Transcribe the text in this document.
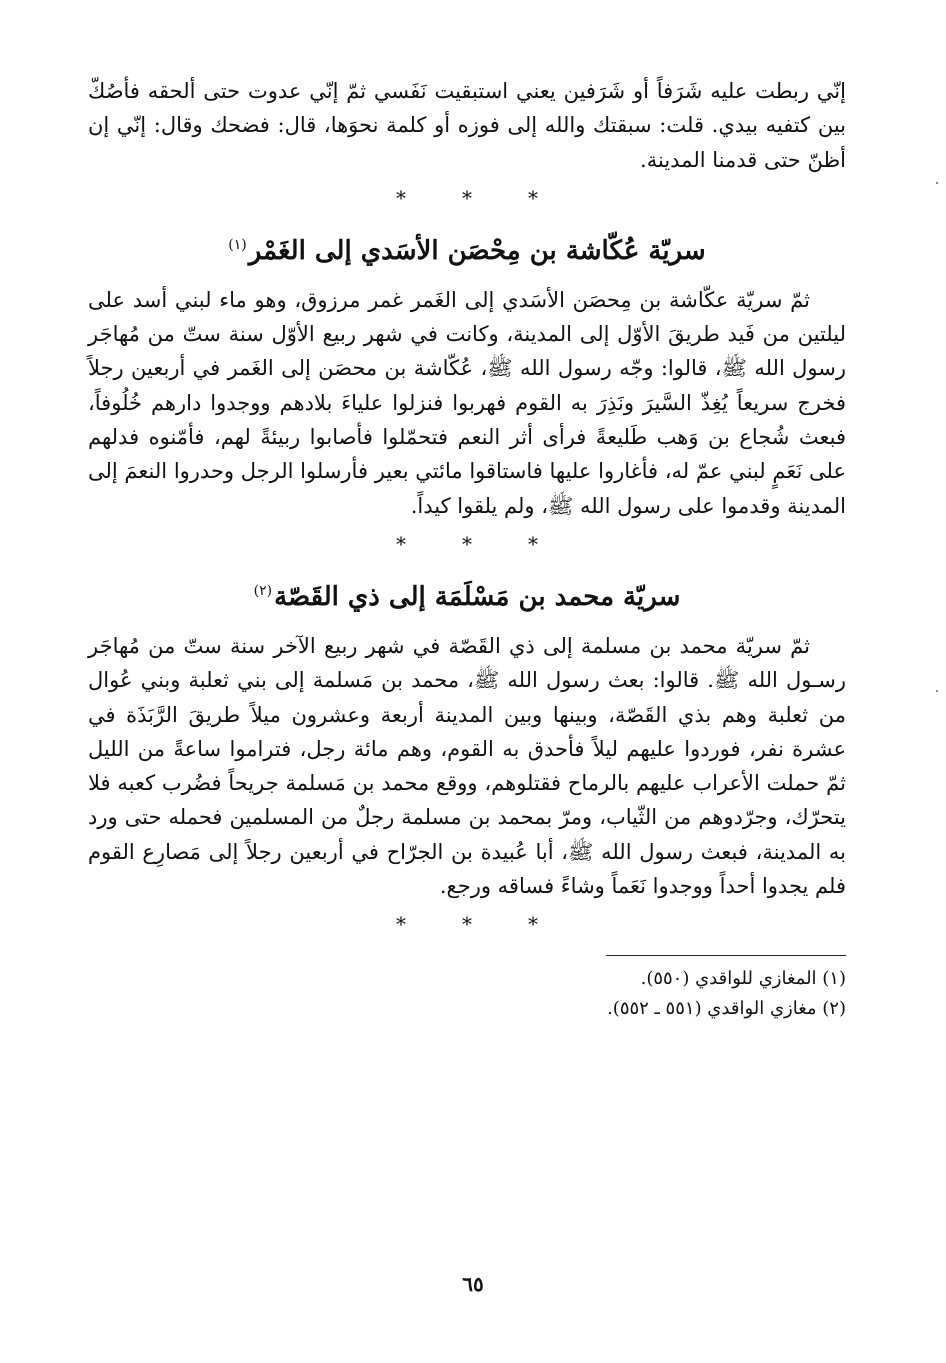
إنّي ربطت عليه شَرَفاً أو شَرَفين يعني استبقيت نَفَسي ثمّ إنّي عدوت حتى ألحقه فأصُكّ بين كتفيه بيدي. قلت: سبقتك والله إلى فوزه أو كلمة نحوَها، قال: فضحك وقال: إنّي إن أظنّ حتى قدمنا المدينة.

*
*
*
سريّة عُكّاشة بن مِحْصَن الأسَدي إلى الغَمْر$^{(١)}$

ثمّ سريّة عكّاشة بن مِحصَن الأسَدي إلى الغَمر غمر مرزوق، وهو ماء لبني أسد على ليلتين من فَيد طريقَ الأوّل إلى المدينة، وكانت في شهر ربيع الأوّل سنة ستّ من مُهاجَر رسول الله ﷺ، قالوا: وجّه رسول الله ﷺ، عُكّاشة بن محصَن إلى الغَمر في أربعين رجلاً فخرج سريعاً يُغِذّ السَّيرَ ونَذِرَ به القوم فهربوا فنزلوا علياءَ بلادهم ووجدوا دارهم خُلُوفاً، فبعث شُجاع بن وَهب طَليعةً فرأى أثر النعم فتحمّلوا فأصابوا ربيئةً لهم، فأمّنوه فدلهم على نَعَمٍ لبني عمّ له، فأغاروا عليها فاستاقوا مائتي بعير فأرسلوا الرجل وحدروا النعمَ إلى المدينة وقدموا على رسول الله ﷺ، ولم يلقوا كيداً.

*
*
*
سريّة محمد بن مَسْلَمَة إلى ذي القَصّة$^{(٢)}$

ثمّ سريّة محمد بن مسلمة إلى ذي القَصّة في شهر ربيع الآخر سنة ستّ من مُهاجَر رسـول الله ﷺ. قالوا: بعث رسول الله ﷺ، محمد بن مَسلمة إلى بني ثعلبة وبني عُوال من ثعلبة وهم بذي القَصّة، وبينها وبين المدينة أربعة وعشرون ميلاً طريقَ الرَّبَذَة في عشرة نفر، فوردوا عليهم ليلاً فأحدق به القوم، وهم مائة رجل، فتراموا ساعةً من الليل ثمّ حملت الأعراب عليهم بالرماح فقتلوهم، ووقع محمد بن مَسلمة جريحاً فضُرب كعبه فلا يتحرّك، وجرّدوهم من الثّياب، ومرّ بمحمد بن مسلمة رجلٌ من المسلمين فحمله حتى ورد به المدينة، فبعث رسول الله ﷺ، أبا عُبيدة بن الجرّاح في أربعين رجلاً إلى مَصارِع القوم فلم يجدوا أحداً ووجدوا نَعَماً وشاءً فساقه ورجع.

*
*
*

(١) المغازي للواقدي (٥٥٠).

(٢) مغازي الواقدي (٥٥١ ـ ٥٥٢).

٦٥
